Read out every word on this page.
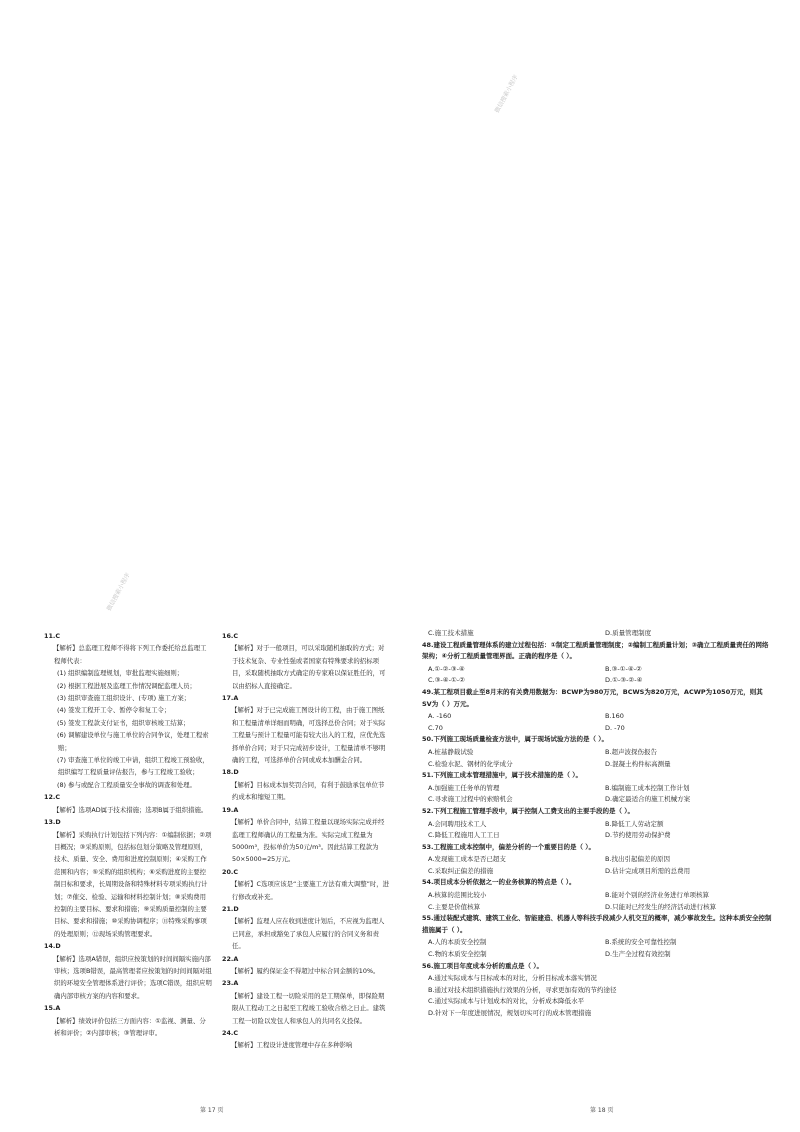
11.C
【解析】总监理工程师不得将下列工作委托给总监理工程师代表：
(1) 组织编制监理规划，审批监理实施细则；
(2) 根据工程进展及监理工作情况调配监理人员；
(3) 组织审查施工组织设计、(专项) 施工方案；
(4) 签发工程开工令、暂停令和复工令；
(5) 签发工程款支付证书，组织审核竣工结算；
(6) 调解建设单位与施工单位的合同争议，处理工程索赔；
(7) 审查施工单位的竣工申请，组织工程竣工预验收，组织编写工程质量评估报告，参与工程竣工验收；
(8) 参与或配合工程质量安全事故的调查和处理。
12.C
【解析】选项AD属于技术措施；选项B属于组织措施。
13.D
【解析】采购执行计划包括下列内容：①编制依据；②项目概况；③采购原则，包括标包划分策略及管理原则，技术、质量、安全、费用和进度控制原则；④采购工作范围和内容；⑤采购的组织机构；⑥采购进度的主要控制目标和要求，长周期设备和特殊材料专项采购执行计划；⑦催交、检验、运输和材料控制计划；⑧采购费用控制的主要目标、要求和措施；⑨采购质量控制的主要目标、要求和措施；⑩采购协调程序；⑪特殊采购事项的处理原则；⑫现场采购管理要求。
14.D
【解析】选项A错误，组织应按策划的时间间隔实施内部审核；选项B错误，最高管理者应按策划的时间间隔对组织的环境安全管理体系进行评价；选项C错误，组织应明确内部审核方案的内容和要求。
15.A
【解析】绩效评价包括三方面内容：①监视、测量、分析和评价；②内部审核；③管理评审。
16.C
【解析】对于一般项目，可以采取随机抽取的方式；对于技术复杂、专业性强或者国家有特殊要求的招标项目，采取随机抽取方式确定的专家难以保证胜任的，可以由招标人直接确定。
17.A
【解析】对于已完成施工图设计的工程，由于施工图纸和工程量清单详细而明确，可选择总价合同；对于实际工程量与预计工程量可能有较大出入的工程，应优先选择单价合同；对于只完成初步设计，工程量清单不够明确的工程，可选择单价合同或成本加酬金合同。
18.D
【解析】目标成本加奖罚合同，有利于鼓励承包单位节约成本和缩短工期。
19.A
【解析】单价合同中，结算工程量以现场实际完成并经监理工程师确认的工程量为准。实际完成工程量为5000m³，投标单价为50元/m³。因此结算工程款为50×5000=25万元。
20.C
【解析】C选项应该是“主要施工方法有重大调整”时，进行修改或补充。
21.D
【解析】监理人应在收到进度计划后，不应视为监理人已同意，承担或豁免了承包人应履行的合同义务和责任。
22.A
【解析】履约保证金不得超过中标合同金额的10%。
23.A
【解析】建设工程一切险采用的是工期保单，即保险期限从工程动工之日起至工程竣工验收合格之日止。建筑工程一切险以发包人和承包人的共同名义投保。
24.C
【解析】工程设计进度管理中存在多种影响
微信搜索小程序
第 17 页
C.施工技术措施	D.质量管理制度
48.建设工程质量管理体系的建立过程包括：①制定工程质量管理制度；②编制工程质量计划；③确立工程质量责任的网络架构；④分析工程质量管理界面。正确的程序是（ ）。
A.①-②-③-④	B.③-①-④-②
C.③-④-①-②	D.①-③-②-④
49.某工程项目截止至8月末的有关费用数据为：BCWP为980万元，BCWS为820万元，ACWP为1050万元，则其SV为（ ）万元。
A. -160	B.160
C.70	D. -70
50.下列施工现场质量检查方法中，属于现场试验方法的是（ ）。
A.桩基静载试验	B.超声波探伤报告
C.检验水泥、钢材的化学成分	D.混凝土构件标高测量
51.下列施工成本管理措施中，属于技术措施的是（ ）。
A.加强施工任务单的管理	B.编制施工成本控制工作计划
C.寻求施工过程中的索赔机会	D.确定最适合的施工机械方案
52.下列工程施工管理手段中，属于控制人工费支出的主要手段的是（ ）。
A.会同聘用技术工人	B.降低工人劳动定额
C.降低工程施用人工工日	D.节约使用劳动保护费
53.工程施工成本控制中，偏差分析的一个重要目的是（ ）。
A.发现施工成本是否已超支	B.找出引起偏差的原因
C.采取纠正偏差的措施	D.估计完成项目所需的总费用
54.项目成本分析依据之一的业务核算的特点是（ ）。
A.核算的范围比较小	B.能对个别的经济业务进行单项核算
C.主要是价值核算	D.只能对已经发生的经济活动进行核算
55.通过装配式建筑、建筑工业化、智能建造、机器人等科技手段减少人机交互的概率，减少事故发生。这种本质安全控制措施属于（ ）。
A.人的本质安全控制	B.系统的安全可靠性控制
C.物的本质安全控制	D.生产全过程有效控制
56.施工项目年度成本分析的重点是（ ）。
A.通过实际成本与目标成本的对比，分析目标成本落实情况
B.通过对技术组织措施执行效果的分析，寻求更加有效的节约途径
C.通过实际成本与计划成本的对比，分析成本降低水平
D.针对下一年度进展情况，规划切实可行的成本管理措施
微信搜索小程序
第 18 页
